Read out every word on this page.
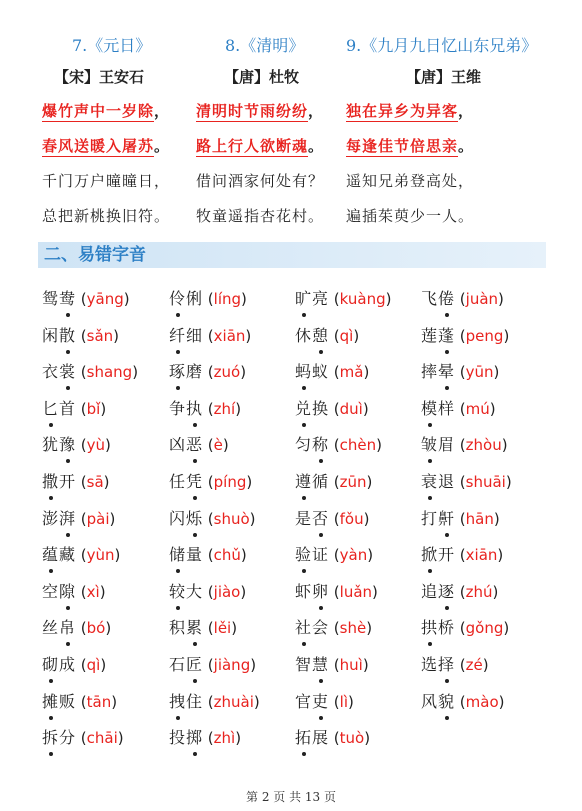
7.《元日》
【宋】王安石
爆竹声中一岁除，
春风送暖入屠苏。
千门万户曈曈日，
总把新桃换旧符。
8.《清明》
【唐】杜牧
清明时节雨纷纷，
路上行人欲断魂。
借问酒家何处有？
牧童遥指杏花村。
9.《九月九日忆山东兄弟》
【唐】王维
独在异乡为异客，
每逢佳节倍思亲。
遥知兄弟登高处，
遍插茱萸少一人。
二、易错字音
鸳鸯 (yāng) 伶俐 (líng)	旷亮 (kuàng) 飞倦 (juàn)
闲散 (sǎn)	纤细 (xiān)	休憩 (qì)	莲蓬 (peng)
衣裳 (shang) 琢磨 (zuó)	蚂蚁 (mǎ)	摔晕 (yūn)
匕首 (bǐ)	争执 (zhí)	兑换 (duì)	模样 (mú)
犹豫 (yù)	凶恶 (è)	匀称 (chèn) 皱眉 (zhòu)
撒开 (sā)	任凭 (píng)	遵循 (zūn)	衰退 (shuāi)
澎湃 (pài)	闪烁 (shuò) 是否 (fǒu)	打鼾 (hān)
蕴藏 (yùn)	储量 (chǔ)	验证 (yàn)	掀开 (xiān)
空隙 (xì)	较大 (jiào)	虾卵 (luǎn)	追逐 (zhú)
丝帛 (bó)	积累 (lěi)	社会 (shè)	拱桥 (gǒng)
砌成 (qì)	石匠 (jiàng) 智慧 (huì)	选择 (zé)
摊贩 (tān)	拽住 (zhuài) 官吏 (lì)	风貌 (mào)
拆分 (chāi)	投掷 (zhì)	拓展 (tuò)
第 2 页 共 13 页
